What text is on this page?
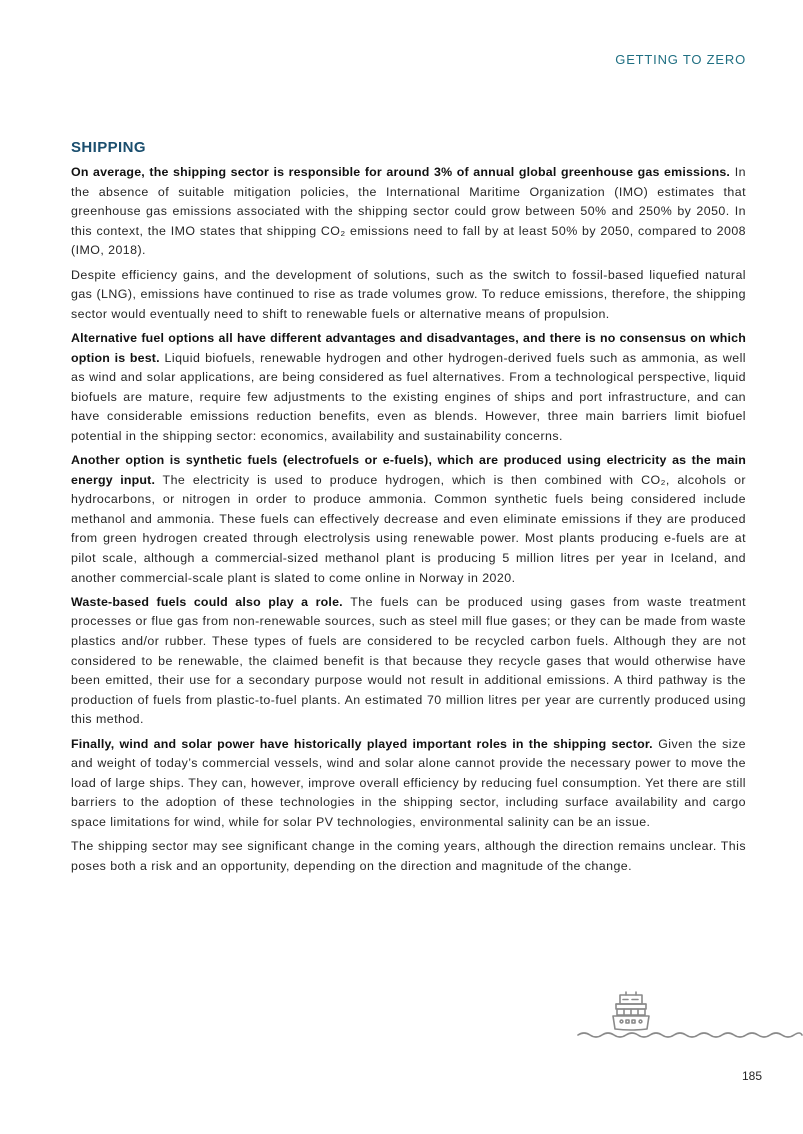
GETTING TO ZERO
SHIPPING

On average, the shipping sector is responsible for around 3% of annual global greenhouse gas emissions. In the absence of suitable mitigation policies, the International Maritime Organization (IMO) estimates that greenhouse gas emissions associated with the shipping sector could grow between 50% and 250% by 2050. In this context, the IMO states that shipping CO₂ emissions need to fall by at least 50% by 2050, compared to 2008 (IMO, 2018).

Despite efficiency gains, and the development of solutions, such as the switch to fossil-based liquefied natural gas (LNG), emissions have continued to rise as trade volumes grow. To reduce emissions, therefore, the shipping sector would eventually need to shift to renewable fuels or alternative means of propulsion.

Alternative fuel options all have different advantages and disadvantages, and there is no consensus on which option is best. Liquid biofuels, renewable hydrogen and other hydrogen-derived fuels such as ammonia, as well as wind and solar applications, are being considered as fuel alternatives. From a technological perspective, liquid biofuels are mature, require few adjustments to the existing engines of ships and port infrastructure, and can have considerable emissions reduction benefits, even as blends. However, three main barriers limit biofuel potential in the shipping sector: economics, availability and sustainability concerns.

Another option is synthetic fuels (electrofuels or e-fuels), which are produced using electricity as the main energy input. The electricity is used to produce hydrogen, which is then combined with CO₂, alcohols or hydrocarbons, or nitrogen in order to produce ammonia. Common synthetic fuels being considered include methanol and ammonia. These fuels can effectively decrease and even eliminate emissions if they are produced from green hydrogen created through electrolysis using renewable power. Most plants producing e-fuels are at pilot scale, although a commercial-sized methanol plant is producing 5 million litres per year in Iceland, and another commercial-scale plant is slated to come online in Norway in 2020.

Waste-based fuels could also play a role. The fuels can be produced using gases from waste treatment processes or flue gas from non-renewable sources, such as steel mill flue gases; or they can be made from waste plastics and/or rubber. These types of fuels are considered to be recycled carbon fuels. Although they are not considered to be renewable, the claimed benefit is that because they recycle gases that would otherwise have been emitted, their use for a secondary purpose would not result in additional emissions. A third pathway is the production of fuels from plastic-to-fuel plants. An estimated 70 million litres per year are currently produced using this method.

Finally, wind and solar power have historically played important roles in the shipping sector. Given the size and weight of today’s commercial vessels, wind and solar alone cannot provide the necessary power to move the load of large ships. They can, however, improve overall efficiency by reducing fuel consumption. Yet there are still barriers to the adoption of these technologies in the shipping sector, including surface availability and cargo space limitations for wind, while for solar PV technologies, environmental salinity can be an issue.

The shipping sector may see significant change in the coming years, although the direction remains unclear. This poses both a risk and an opportunity, depending on the direction and magnitude of the change.

185
